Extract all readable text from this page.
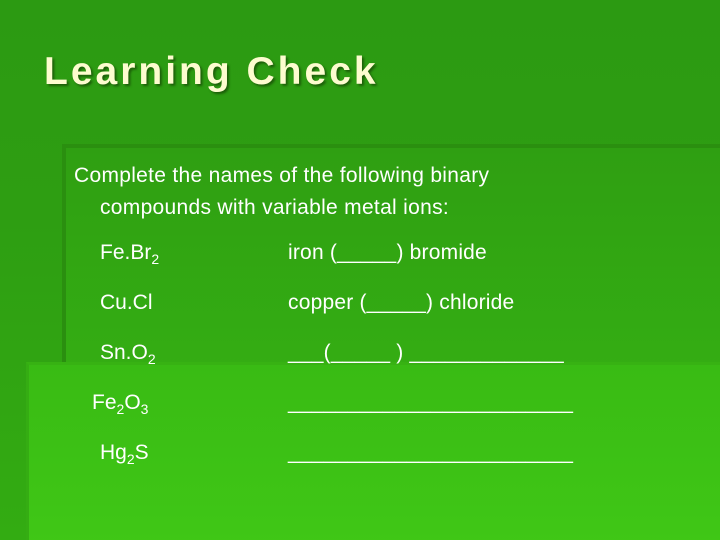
Learning Check
Complete the names of the following binary
compounds with variable metal ions:
$Fe.Br_2$	iron (_____) bromide
Cu.Cl	copper (_____) chloride
$Sn.O_2$	___(_____ ) _____________
$Fe_2O_3$	________________________
$Hg_2S$	________________________
